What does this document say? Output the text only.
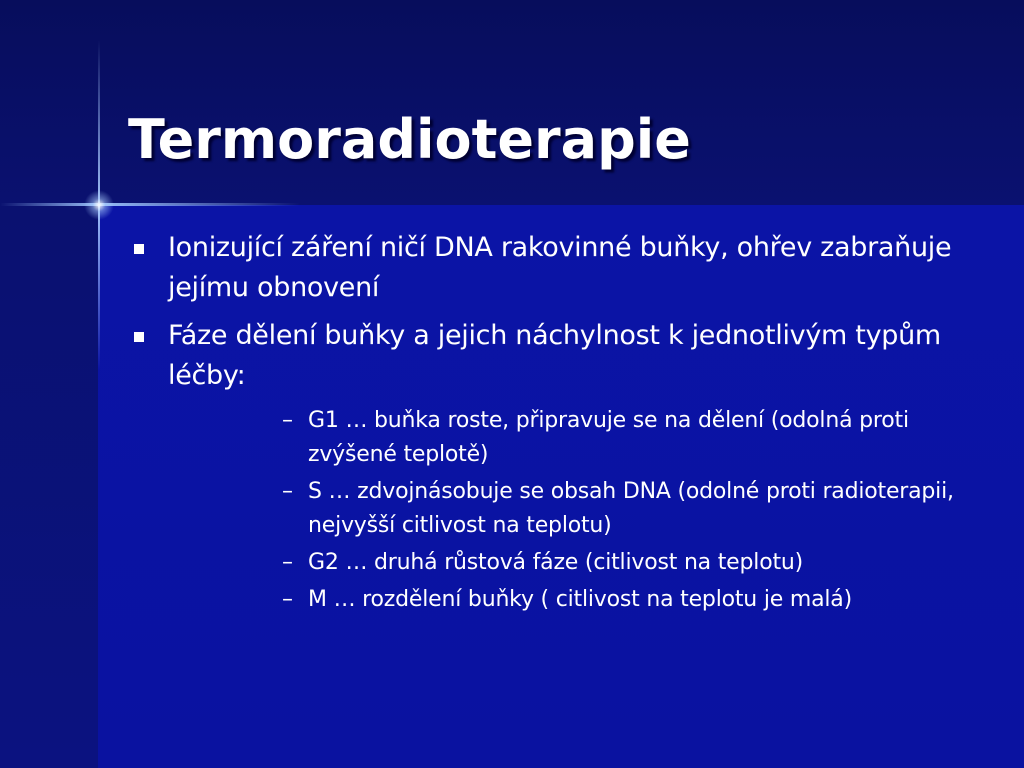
Termoradioterapie
Ionizující záření ničí DNA rakovinné buňky, ohřev zabraňuje jejímu obnovení
Fáze dělení buňky a jejich náchylnost k jednotlivým typům léčby:
– G1 … buňka roste, připravuje se na dělení (odolná proti zvýšené teplotě)
– S … zdvojnásobuje se obsah DNA (odolné proti radioterapii, nejvyšší citlivost na teplotu)
– G2 … druhá růstová fáze (citlivost na teplotu)
– M … rozdělení buňky ( citlivost na teplotu je malá)
